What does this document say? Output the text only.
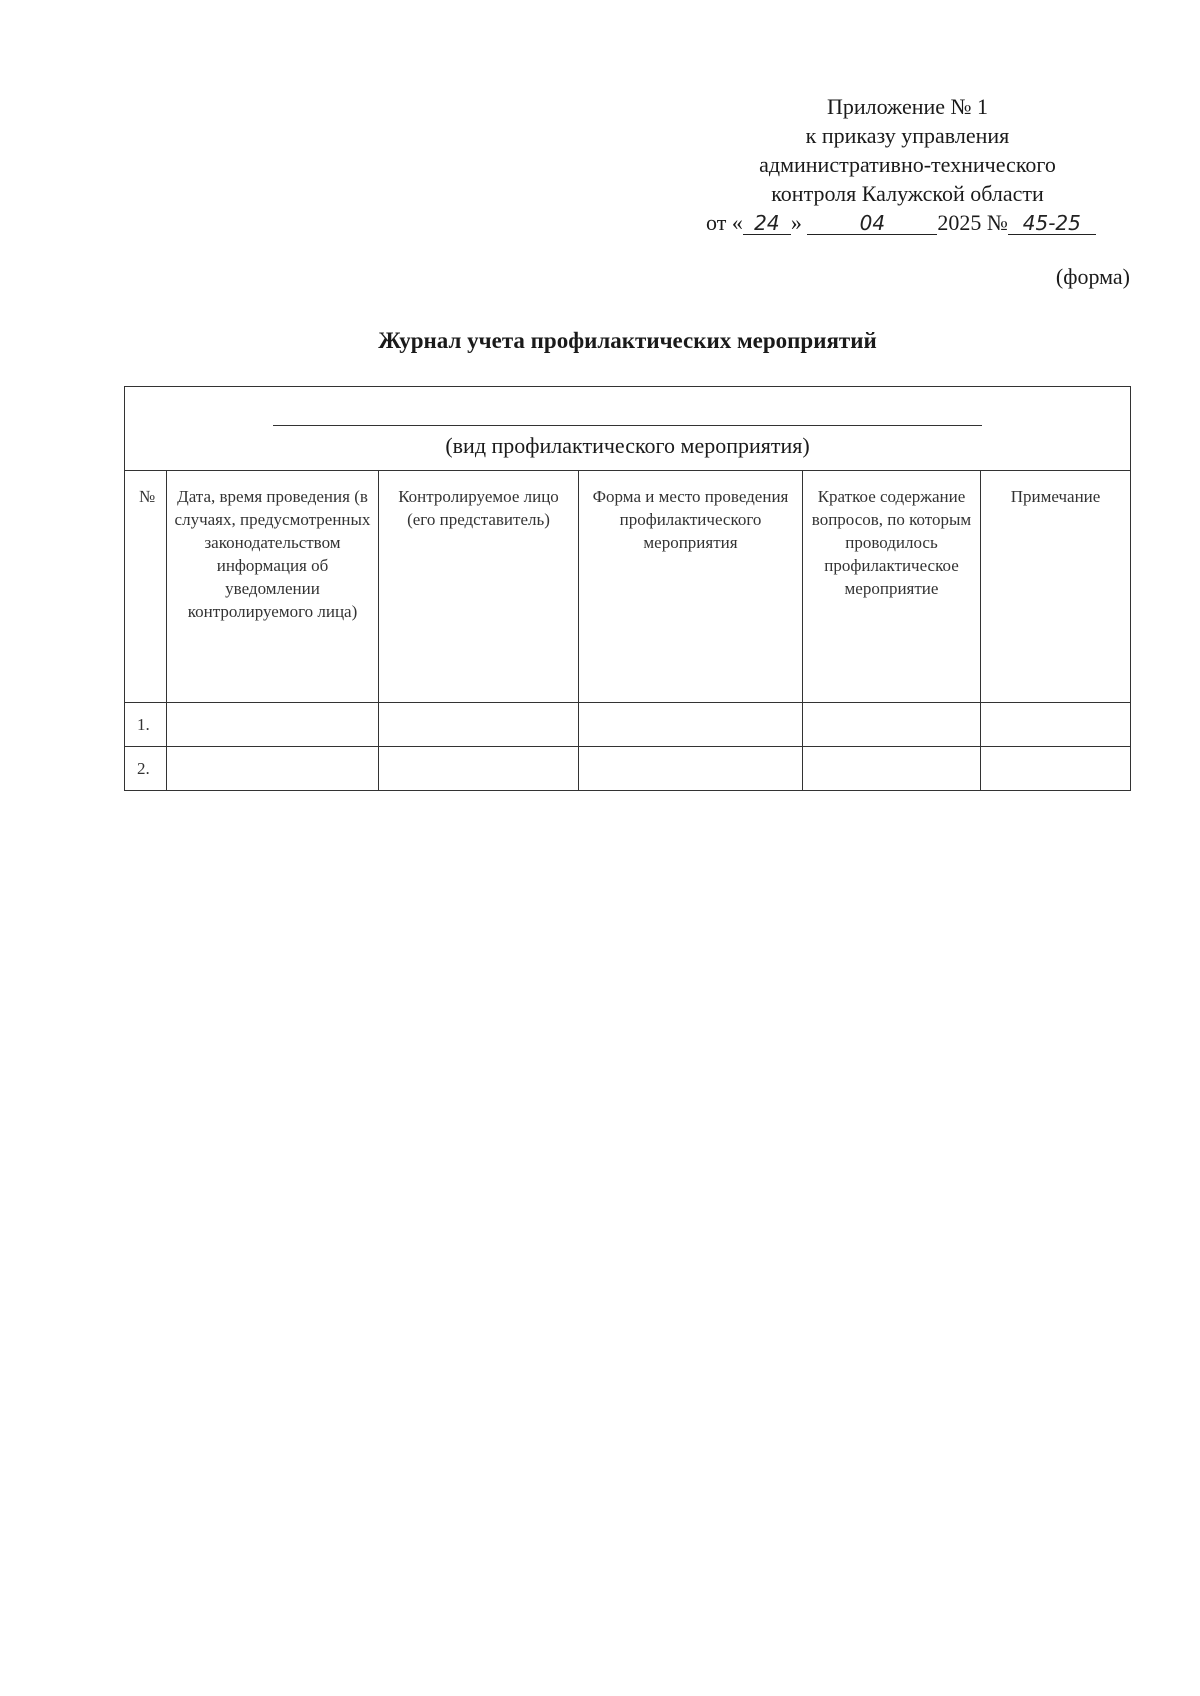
Приложение № 1
к приказу управления
административно-технического
контроля Калужской области
от « 24 »	04 2025 № 45-25
(форма)
Журнал учета профилактических мероприятий
(вид профилактического мероприятия)					

№	Дата, время проведения (в случаях, предусмотренных законодательством информация об уведомлении контролируемого лица)	Контролируемое лицо (его представитель)	Форма и место проведения профилактического мероприятия	Краткое содержание вопросов, по которым проводилось профилактическое мероприятие	Примечание
1.					
2.					
